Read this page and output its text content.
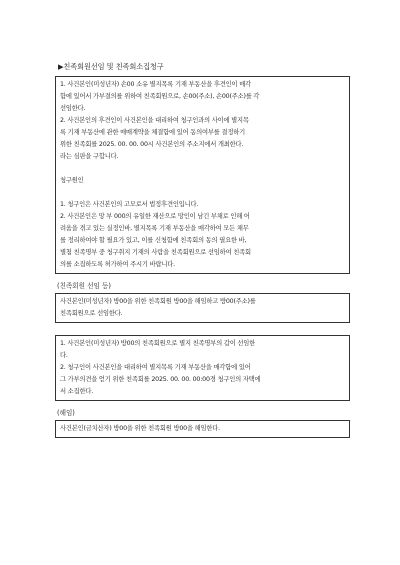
▶친족회원선임 및 친족회소집청구

1. 사건본인(미성년자) 손00 소유 별지목록 기재 부동산을 후견인이 매각

함에 있어서 가부결의를 위하여 친족회원으로, 손00(주소), 손00(주소)를 각

선임한다.

2. 사건본인의 후견인이 사건본인을 대리하여 청구인과의 사이에 별지목

록 기재 부동산에 관한 매매계약을 체결함에 있어 동의여부를 결정하기

위한 친족회를 2025. 00. 00. 00시 사건본인의 주소지에서 개최한다.

라는 심판을 구합니다.

청구원인

1. 청구인은 사건본인의 고모로서 법정후견인입니다.

2. 사건본인은 망 부 000의 유일한 재산으로 망인이 남긴 부채로 인해 어

려움을 겪고 있는 실정인바, 별지목록 기재 부동산을 매각하여 모든 채무

를 정리하여야 할 필요가 있고, 이를 신청함에 친족회의 동의 필요한 바,

별첨 친족명부 중 청구취지 기재의 사람을 친족회원으로 선임하여 친족회

의를 소집하도록 허가하여 주시기 바랍니다.

(친족회원 선임 등)

사건본인(미성년자) 방00을 위한 친족회원 방00을 해임하고 방00(주소)를

친족회원으로 선임한다.

1. 사건본인(미성년자) 방00의 친족회원으로 별지 친족명부의 갑이 선임한

다.

2. 청구인이 사건본인을 대리하여 별지목록 기재 부동산을 매각함에 있어

그 가부의견을 얻기 위한 친족회를 2025. 00. 00. 00:00경 청구인의 자택에

서 소집한다.

(해임)

사건본인(금치산자) 방00을 위한 친족회원 방00을 해임한다.
